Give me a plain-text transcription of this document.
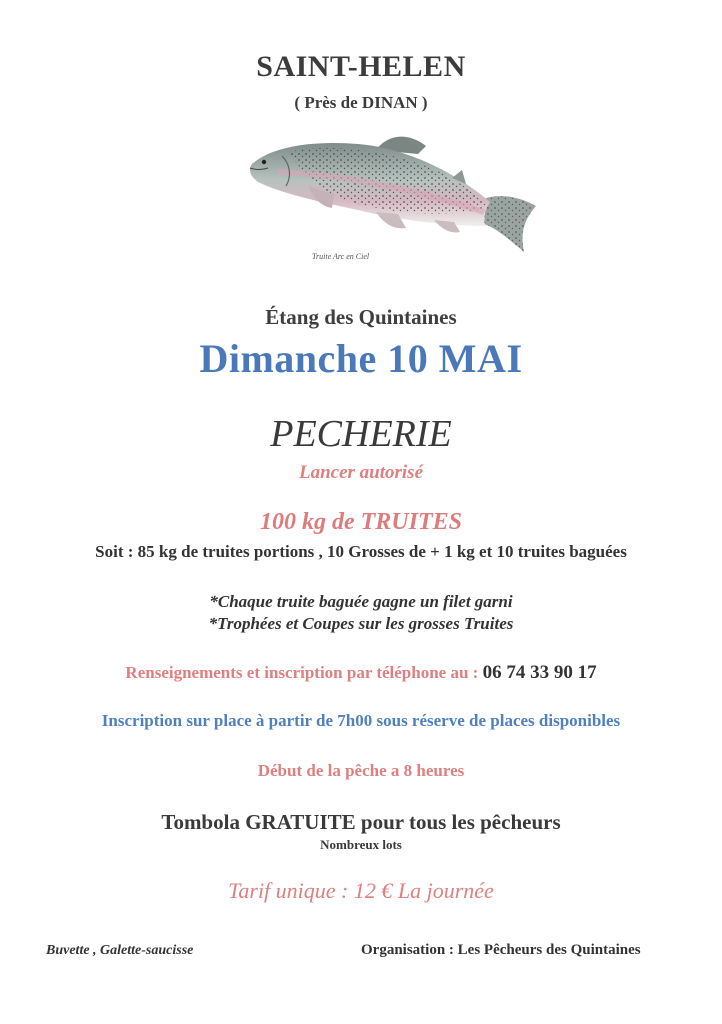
SAINT-HELEN
( Près de DINAN )
Truite Arc en Ciel
Étang des Quintaines
Dimanche 10 MAI
PECHERIE
Lancer autorisé
100 kg de TRUITES
Soit : 85 kg de truites portions , 10 Grosses de + 1 kg et 10 truites baguées
*Chaque truite baguée gagne un filet garni
*Trophées et Coupes sur les grosses Truites
Renseignements et inscription par téléphone au : 06 74 33 90 17
Inscription sur place à partir de 7h00 sous réserve de places disponibles
Début de la pêche a 8 heures
Tombola GRATUITE pour tous les pêcheurs
Nombreux lots
Tarif unique : 12 € La journée
Buvette , Galette-saucisse	Organisation : Les Pêcheurs des Quintaines
